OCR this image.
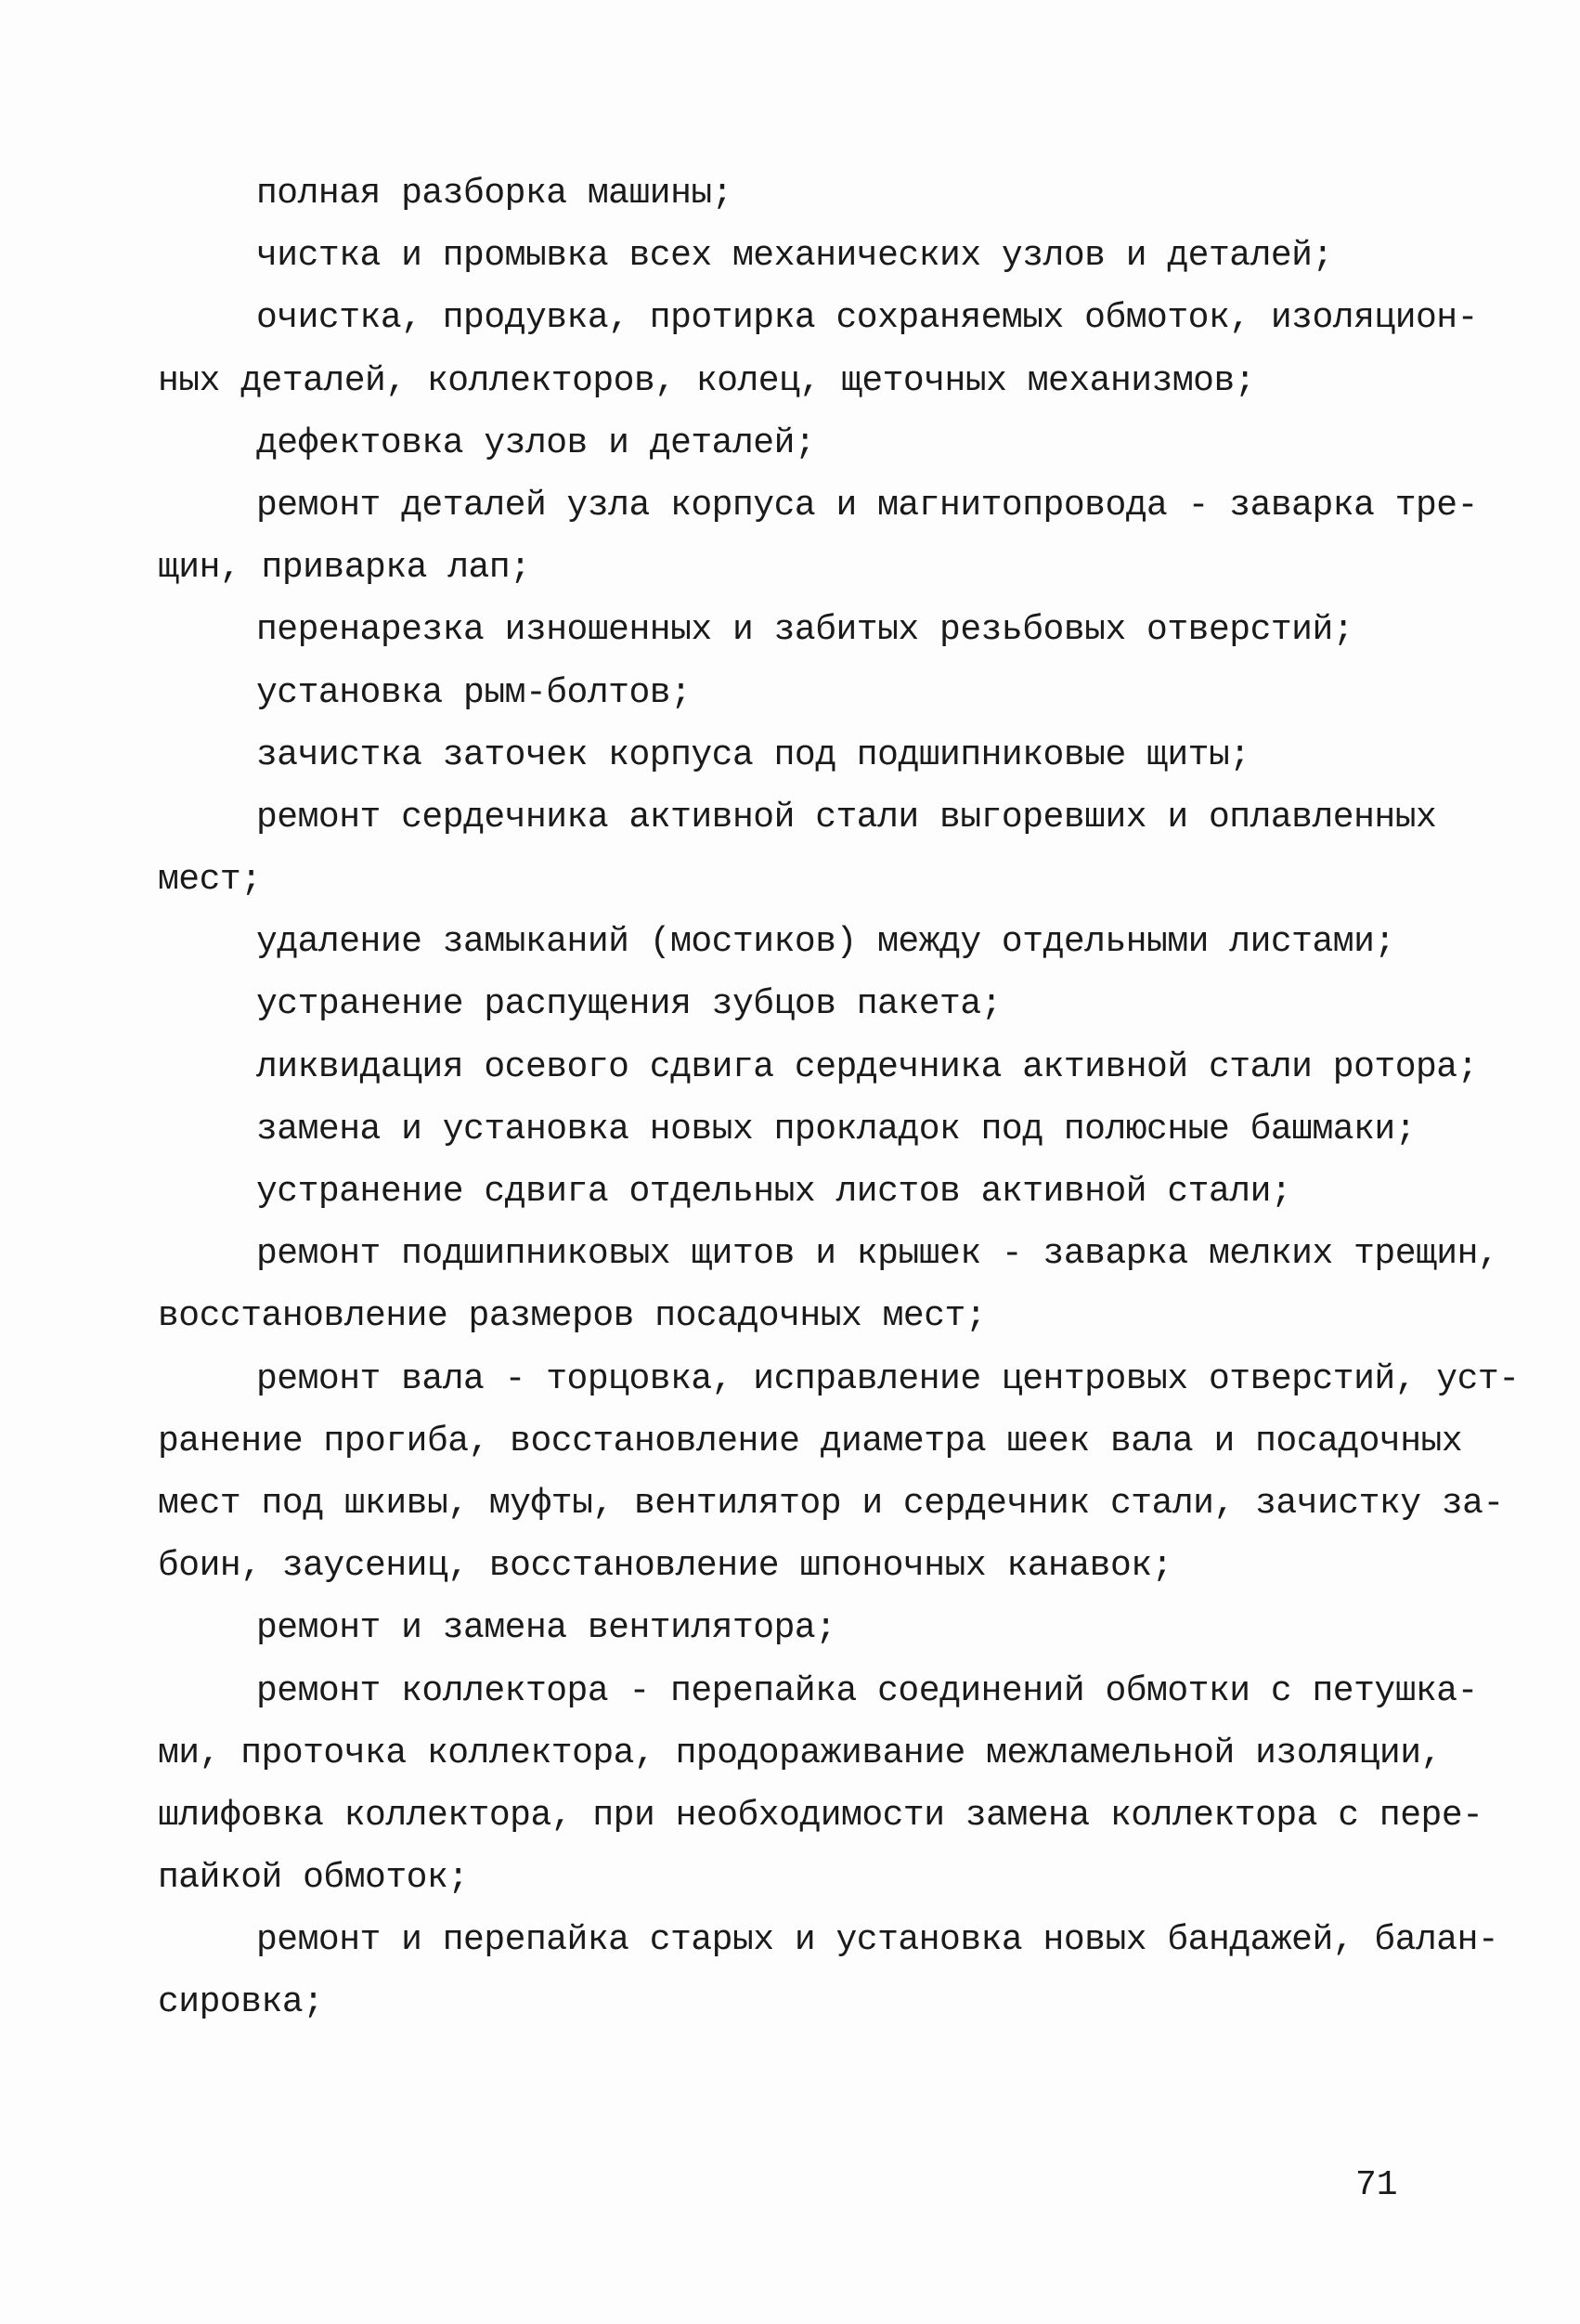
полная разборка машины;
чистка и промывка всех механических узлов и деталей;
очистка, продувка, протирка сохраняемых обмоток, изоляцион-
ных деталей, коллекторов, колец, щеточных механизмов;
дефектовка узлов и деталей;
ремонт деталей узла корпуса и магнитопровода - заварка тре-
щин, приварка лап;
перенарезка изношенных и забитых резьбовых отверстий;
установка рым-болтов;
зачистка заточек корпуса под подшипниковые щиты;
ремонт сердечника активной стали выгоревших и оплавленных
мест;
удаление замыканий (мостиков) между отдельными листами;
устранение распущения зубцов пакета;
ликвидация осевого сдвига сердечника активной стали ротора;
замена и установка новых прокладок под полюсные башмаки;
устранение сдвига отдельных листов активной стали;
ремонт подшипниковых щитов и крышек - заварка мелких трещин,
восстановление размеров посадочных мест;
ремонт вала - торцовка, исправление центровых отверстий, уст-
ранение прогиба, восстановление диаметра шеек вала и посадочных
мест под шкивы, муфты, вентилятор и сердечник стали, зачистку за-
боин, заусениц, восстановление шпоночных канавок;
ремонт и замена вентилятора;
ремонт коллектора - перепайка соединений обмотки с петушка-
ми, проточка коллектора, продораживание межламельной изоляции,
шлифовка коллектора, при необходимости замена коллектора с пере-
пайкой обмоток;
ремонт и перепайка старых и установка новых бандажей, балан-
сировка;
71
